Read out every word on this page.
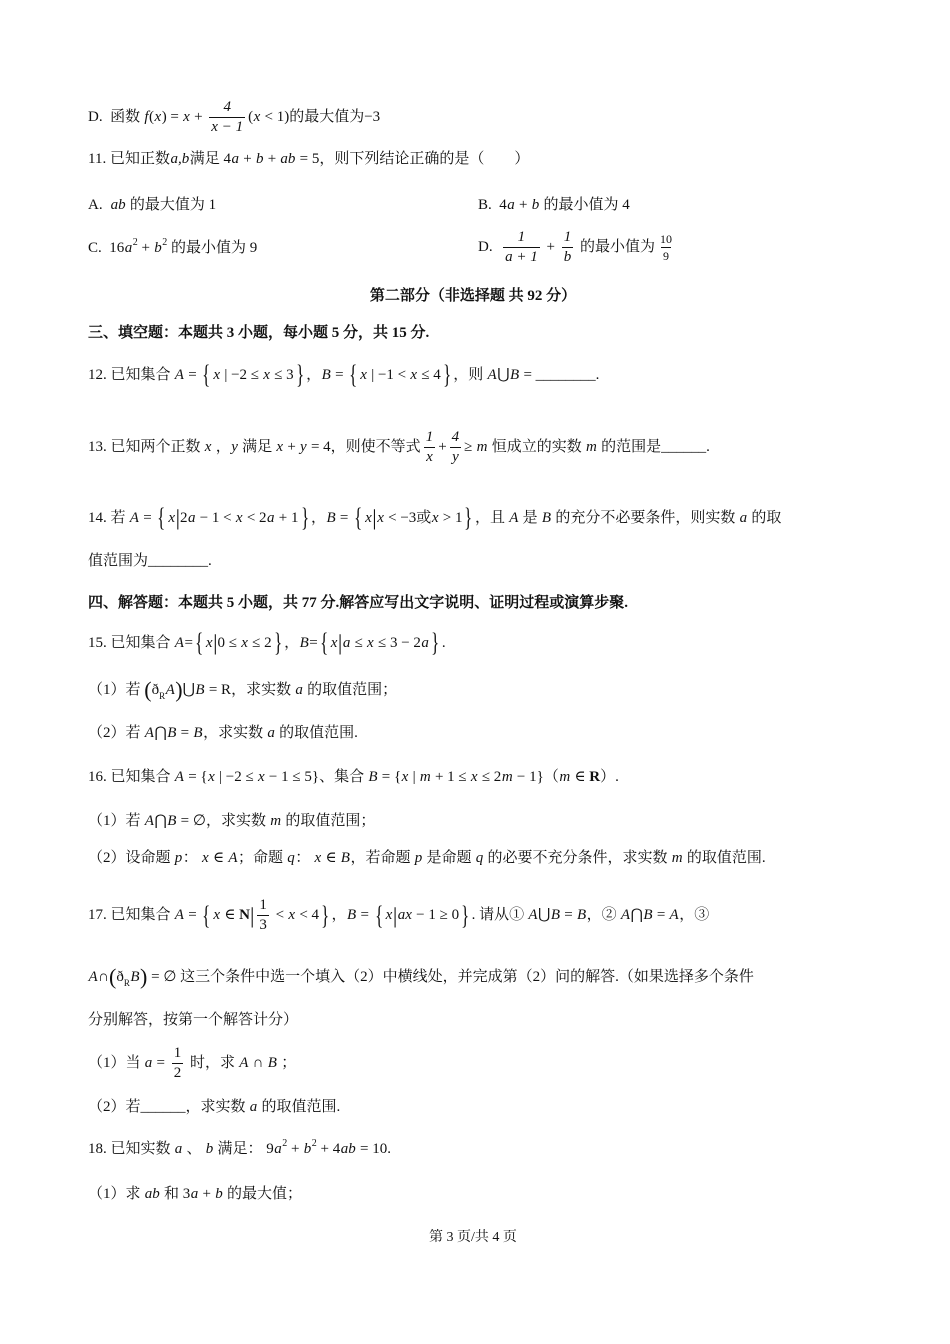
D.  函数 f ( x ) = $x + \frac{4}{x - 1}$ ( x < 1) 的最大值为−3
11. 已知正数 a,b 满足 4 a + b + ab = 5 ，则下列结论正确的是（　　）
A. ab 的最大值为 1	B. 4 a + b 的最小值为 4
C. 16 a 2 + b 2 的最小值为 9	D. $\frac{1}{a + 1} + \frac{1}{b}$ 的最小值为 $\frac{10}{9}$
第二部分（非选择题 共 92 分）
三、填空题：本题共 3 小题，每小题 5 分，共 15 分.
12. 已知集合 A = { x | −2 ≤ x ≤ 3 } ， B = { x | −1 < x ≤ 4 } ，则 A ⋃ B = ________.
13. 已知两个正数 x ， y 满足 x + y = 4 ，则使不等式 $\frac{1}{x} + \frac{4}{y} \ge m$ 恒成立的实数 m 的范围是______.
14. 若 A = { x | 2 a − 1 < x < 2 a + 1 } ， B = { x | x < −3 或 x > 1 } ，且 A 是 B 的充分不必要条件，则实数 a 的取
值范围为________.
四、解答题：本题共 5 小题，共 77 分.解答应写出文字说明、证明过程或演算步聚.
15. 已知集合 A = { x | 0 ≤ x ≤ 2 } ， B = { x | a ≤ x ≤ 3 − 2 a } .
（1）若 ( ð R A ) ⋃ B = R ，求实数 a 的取值范围；
（2）若 A ⋂ B = B ，求实数 a 的取值范围.
16. 已知集合 A = { x | −2 ≤ x − 1 ≤ 5} 、集合 B = { x | m + 1 ≤ x ≤ 2 m − 1} （ m ∈ R ）.
（1）若 A ⋂ B = ∅ ，求实数 m 的取值范围；
（2）设命题 p ： x ∈ A ；命题 q ： x ∈ B ，若命题 p 是命题 q 的必要不充分条件，求实数 m 的取值范围.
17. 已知集合 A = { x ∈ N | $\frac{1}{3} < x < 4$ } ， B = { x | ax − 1 ≥ 0 } . 请从① A ⋃ B = B ，② A ⋂ B = A ，③
A ∩ ( ð R B ) = ∅ 这三个条件中选一个填入（2）中横线处，并完成第（2）问的解答.（如果选择多个条件
分别解答，按第一个解答计分）
（1）当 $a = \frac{1}{2}$ 时，求 A ∩ B ；
（2）若______，求实数 a 的取值范围.
18. 已知实数 a 、 b 满足： 9 a 2 + b 2 + 4 ab = 10 .
（1）求 ab 和 3 a + b 的最大值；
第 3 页/共 4 页
